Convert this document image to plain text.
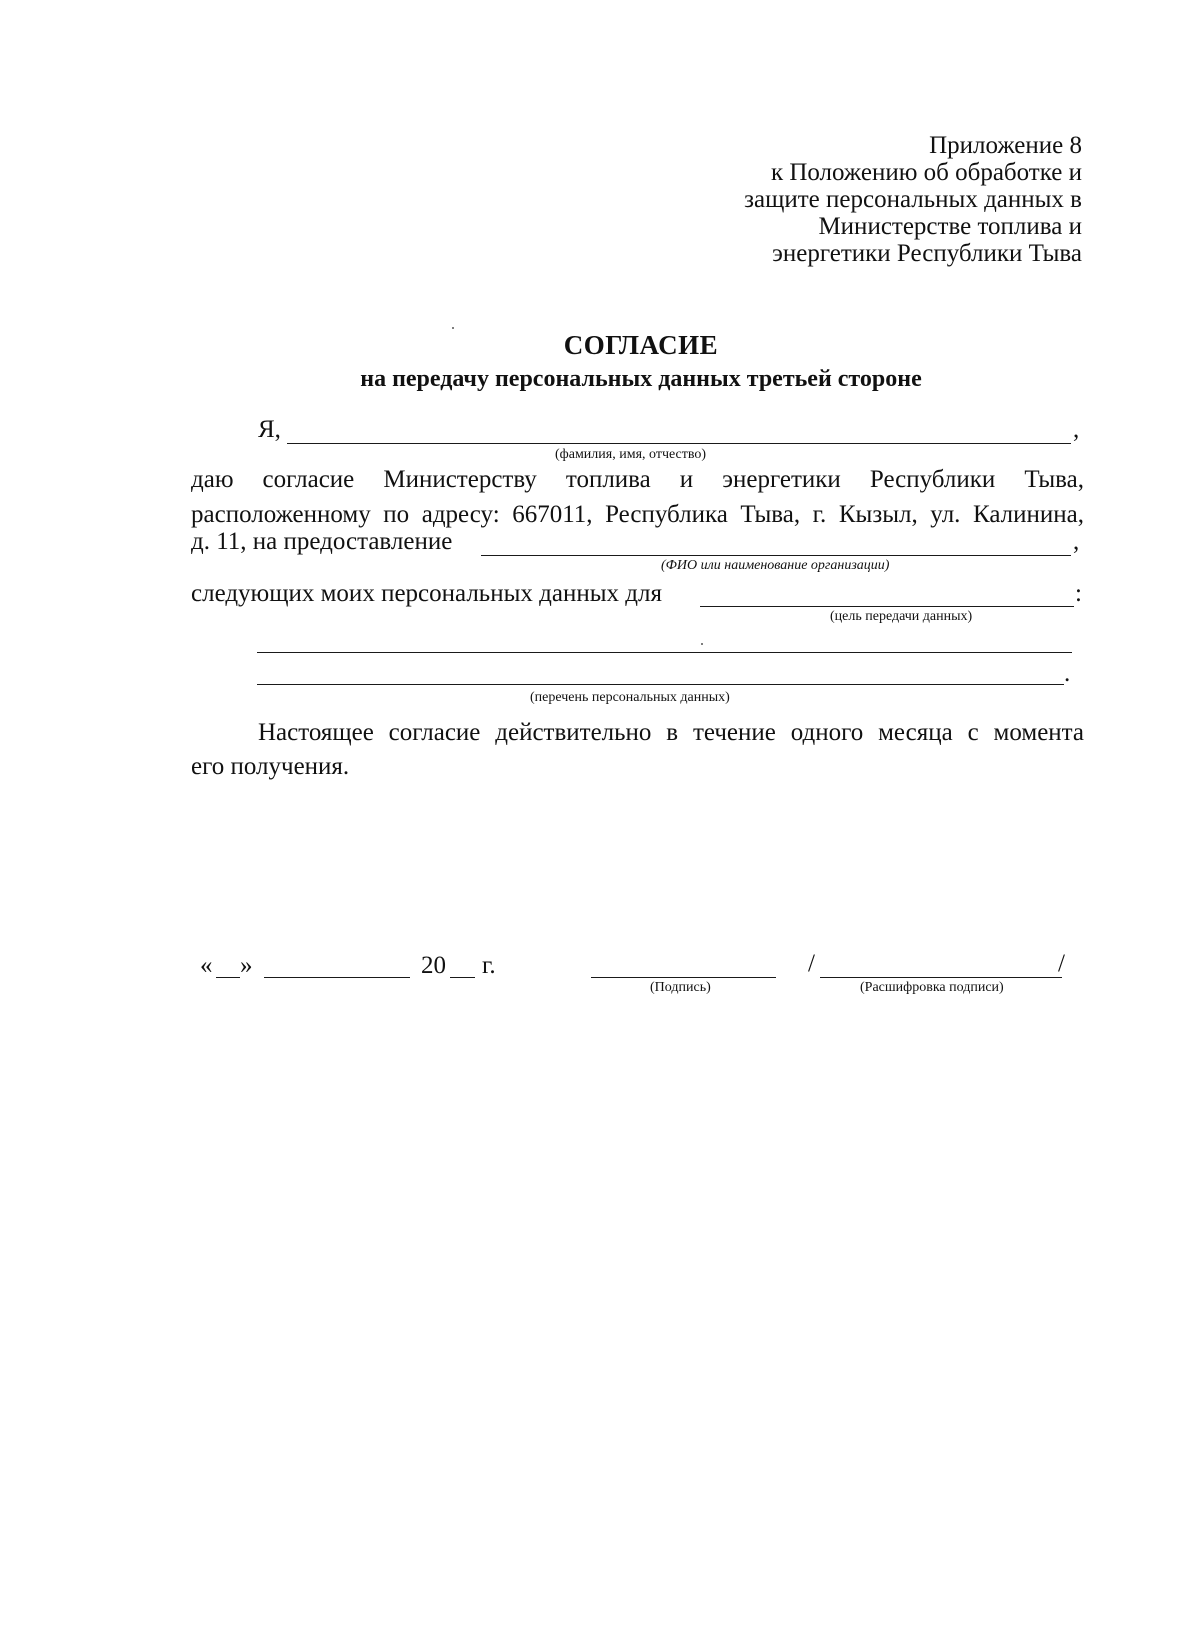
Приложение 8
к Положению об обработке и
защите персональных данных в
Министерстве топлива и
энергетики Республики Тыва
СОГЛАСИЕ
на передачу персональных данных третьей стороне
Я,	,
(фамилия, имя, отчество)
даю согласие Министерству топлива и энергетики Республики Тыва,
расположенному по адресу: 667011, Республика Тыва, г. Кызыл, ул. Калинина,
д. 11, на предоставление	,
(ФИО или наименование организации)
следующих моих персональных данных для	:
(цель передачи данных)
.
(перечень персональных данных)
Настоящее согласие действительно в течение одного месяца с момента
его получения.
« »	20 г.
(Подпись)
/	/
(Расшифровка подписи)
